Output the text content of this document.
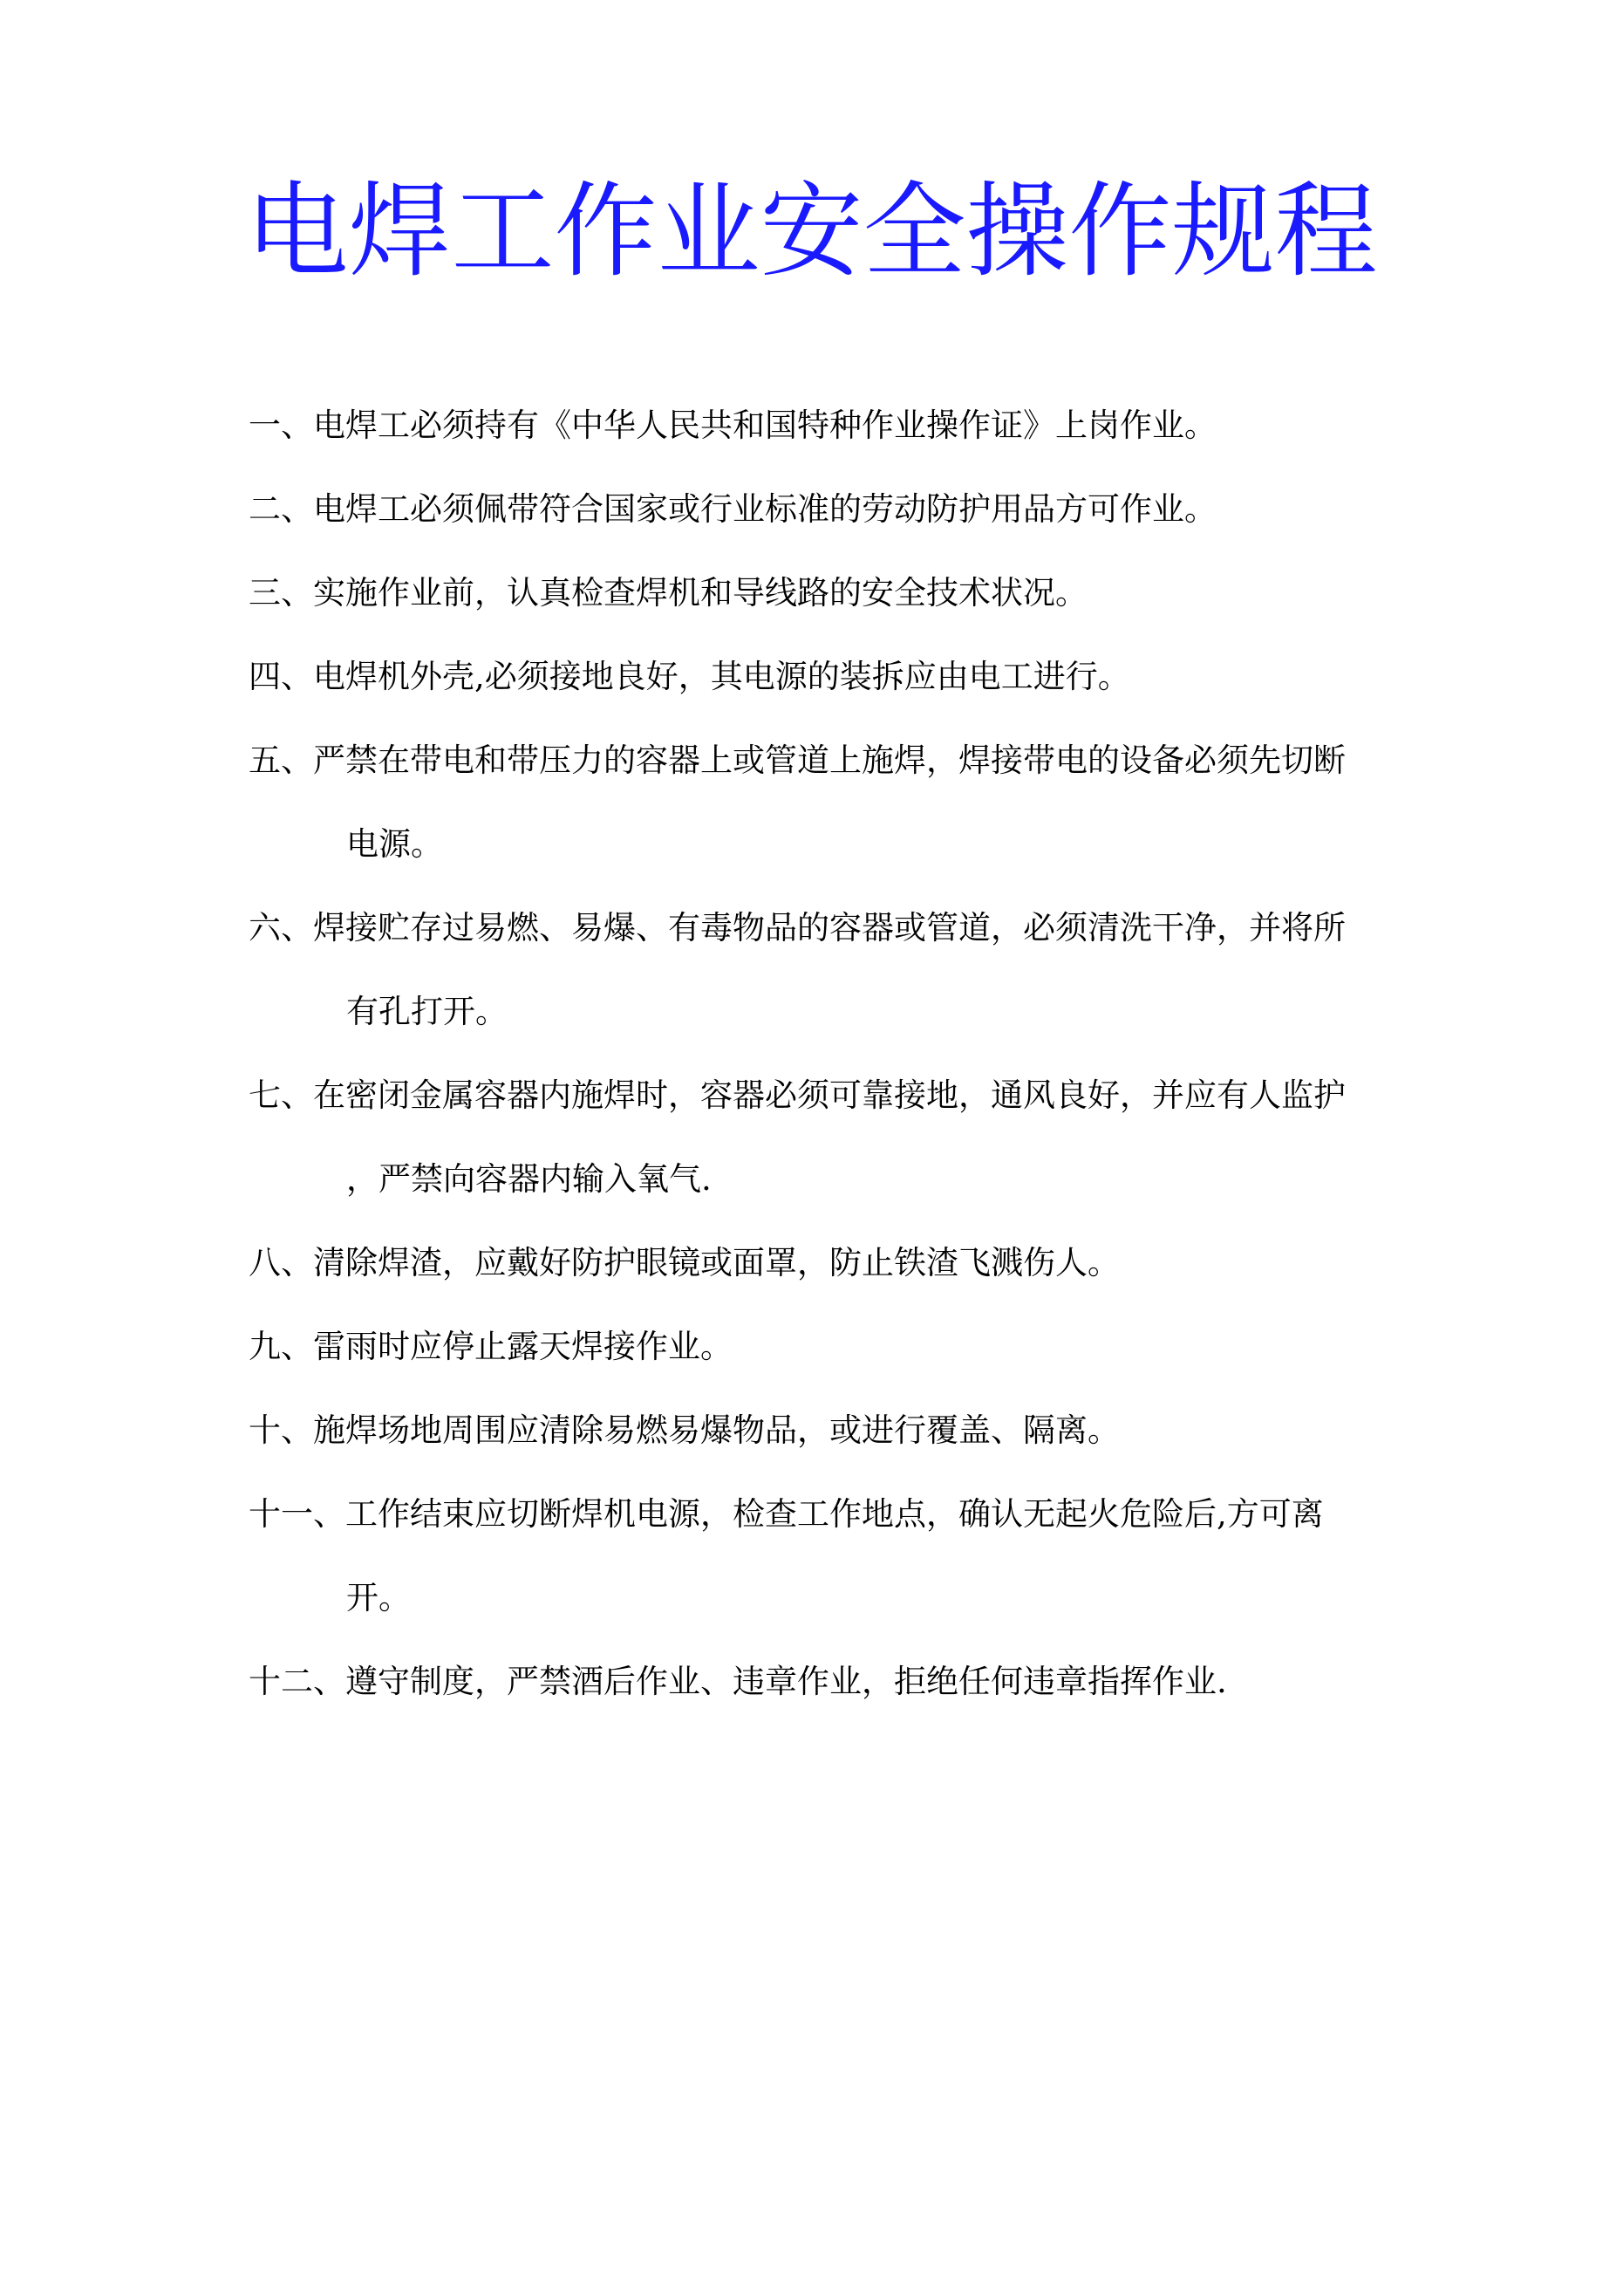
电焊工作业安全操作规程
一、电焊工必须持有《中华人民共和国特种作业操作证》上岗作业。
二、电焊工必须佩带符合国家或行业标准的劳动防护用品方可作业。
三、实施作业前，认真检查焊机和导线路的安全技术状况。
四、电焊机外壳,必须接地良好，其电源的装拆应由电工进行。
五、严禁在带电和带压力的容器上或管道上施焊，焊接带电的设备必须先切断
电源。
六、焊接贮存过易燃、易爆、有毒物品的容器或管道，必须清洗干净，并将所
有孔打开。
七、在密闭金属容器内施焊时，容器必须可靠接地，通风良好，并应有人监护
，严禁向容器内输入氧气.
八、清除焊渣，应戴好防护眼镜或面罩，防止铁渣飞溅伤人。
九、雷雨时应停止露天焊接作业。
十、施焊场地周围应清除易燃易爆物品，或进行覆盖、隔离。
十一、工作结束应切断焊机电源，检查工作地点，确认无起火危险后,方可离
开。
十二、遵守制度，严禁酒后作业、违章作业，拒绝任何违章指挥作业.
